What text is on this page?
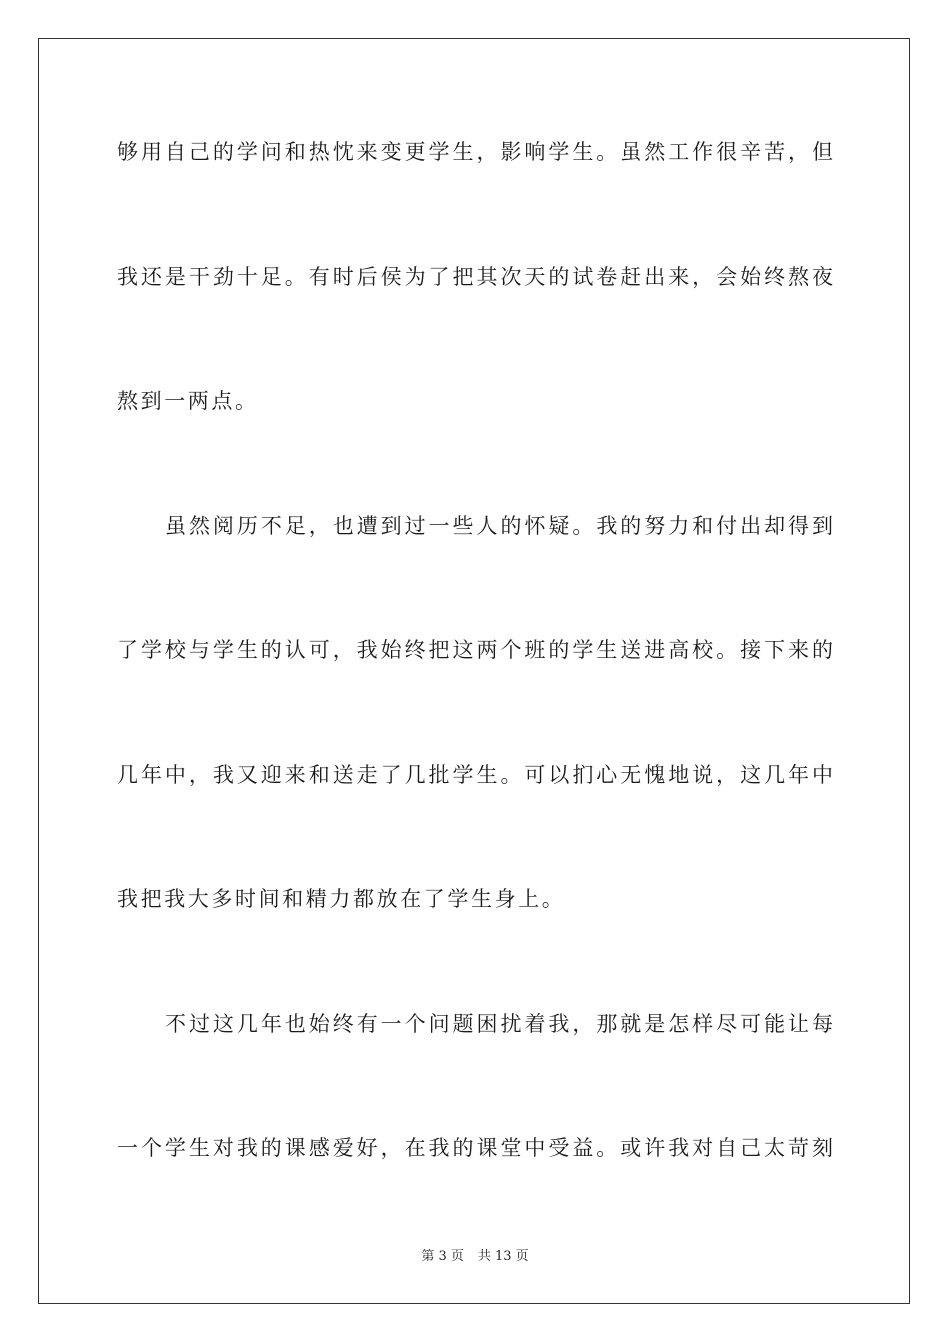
够用自己的学问和热忱来变更学生，影响学生。虽然工作很辛苦，但
我还是干劲十足。有时后侯为了把其次天的试卷赶出来，会始终熬夜
熬到一两点。
虽然阅历不足，也遭到过一些人的怀疑。我的努力和付出却得到
了学校与学生的认可，我始终把这两个班的学生送进高校。接下来的
几年中，我又迎来和送走了几批学生。可以扪心无愧地说，这几年中
我把我大多时间和精力都放在了学生身上。
不过这几年也始终有一个问题困扰着我，那就是怎样尽可能让每
一个学生对我的课感爱好，在我的课堂中受益。或许我对自己太苛刻
第 3 页 共 13 页
